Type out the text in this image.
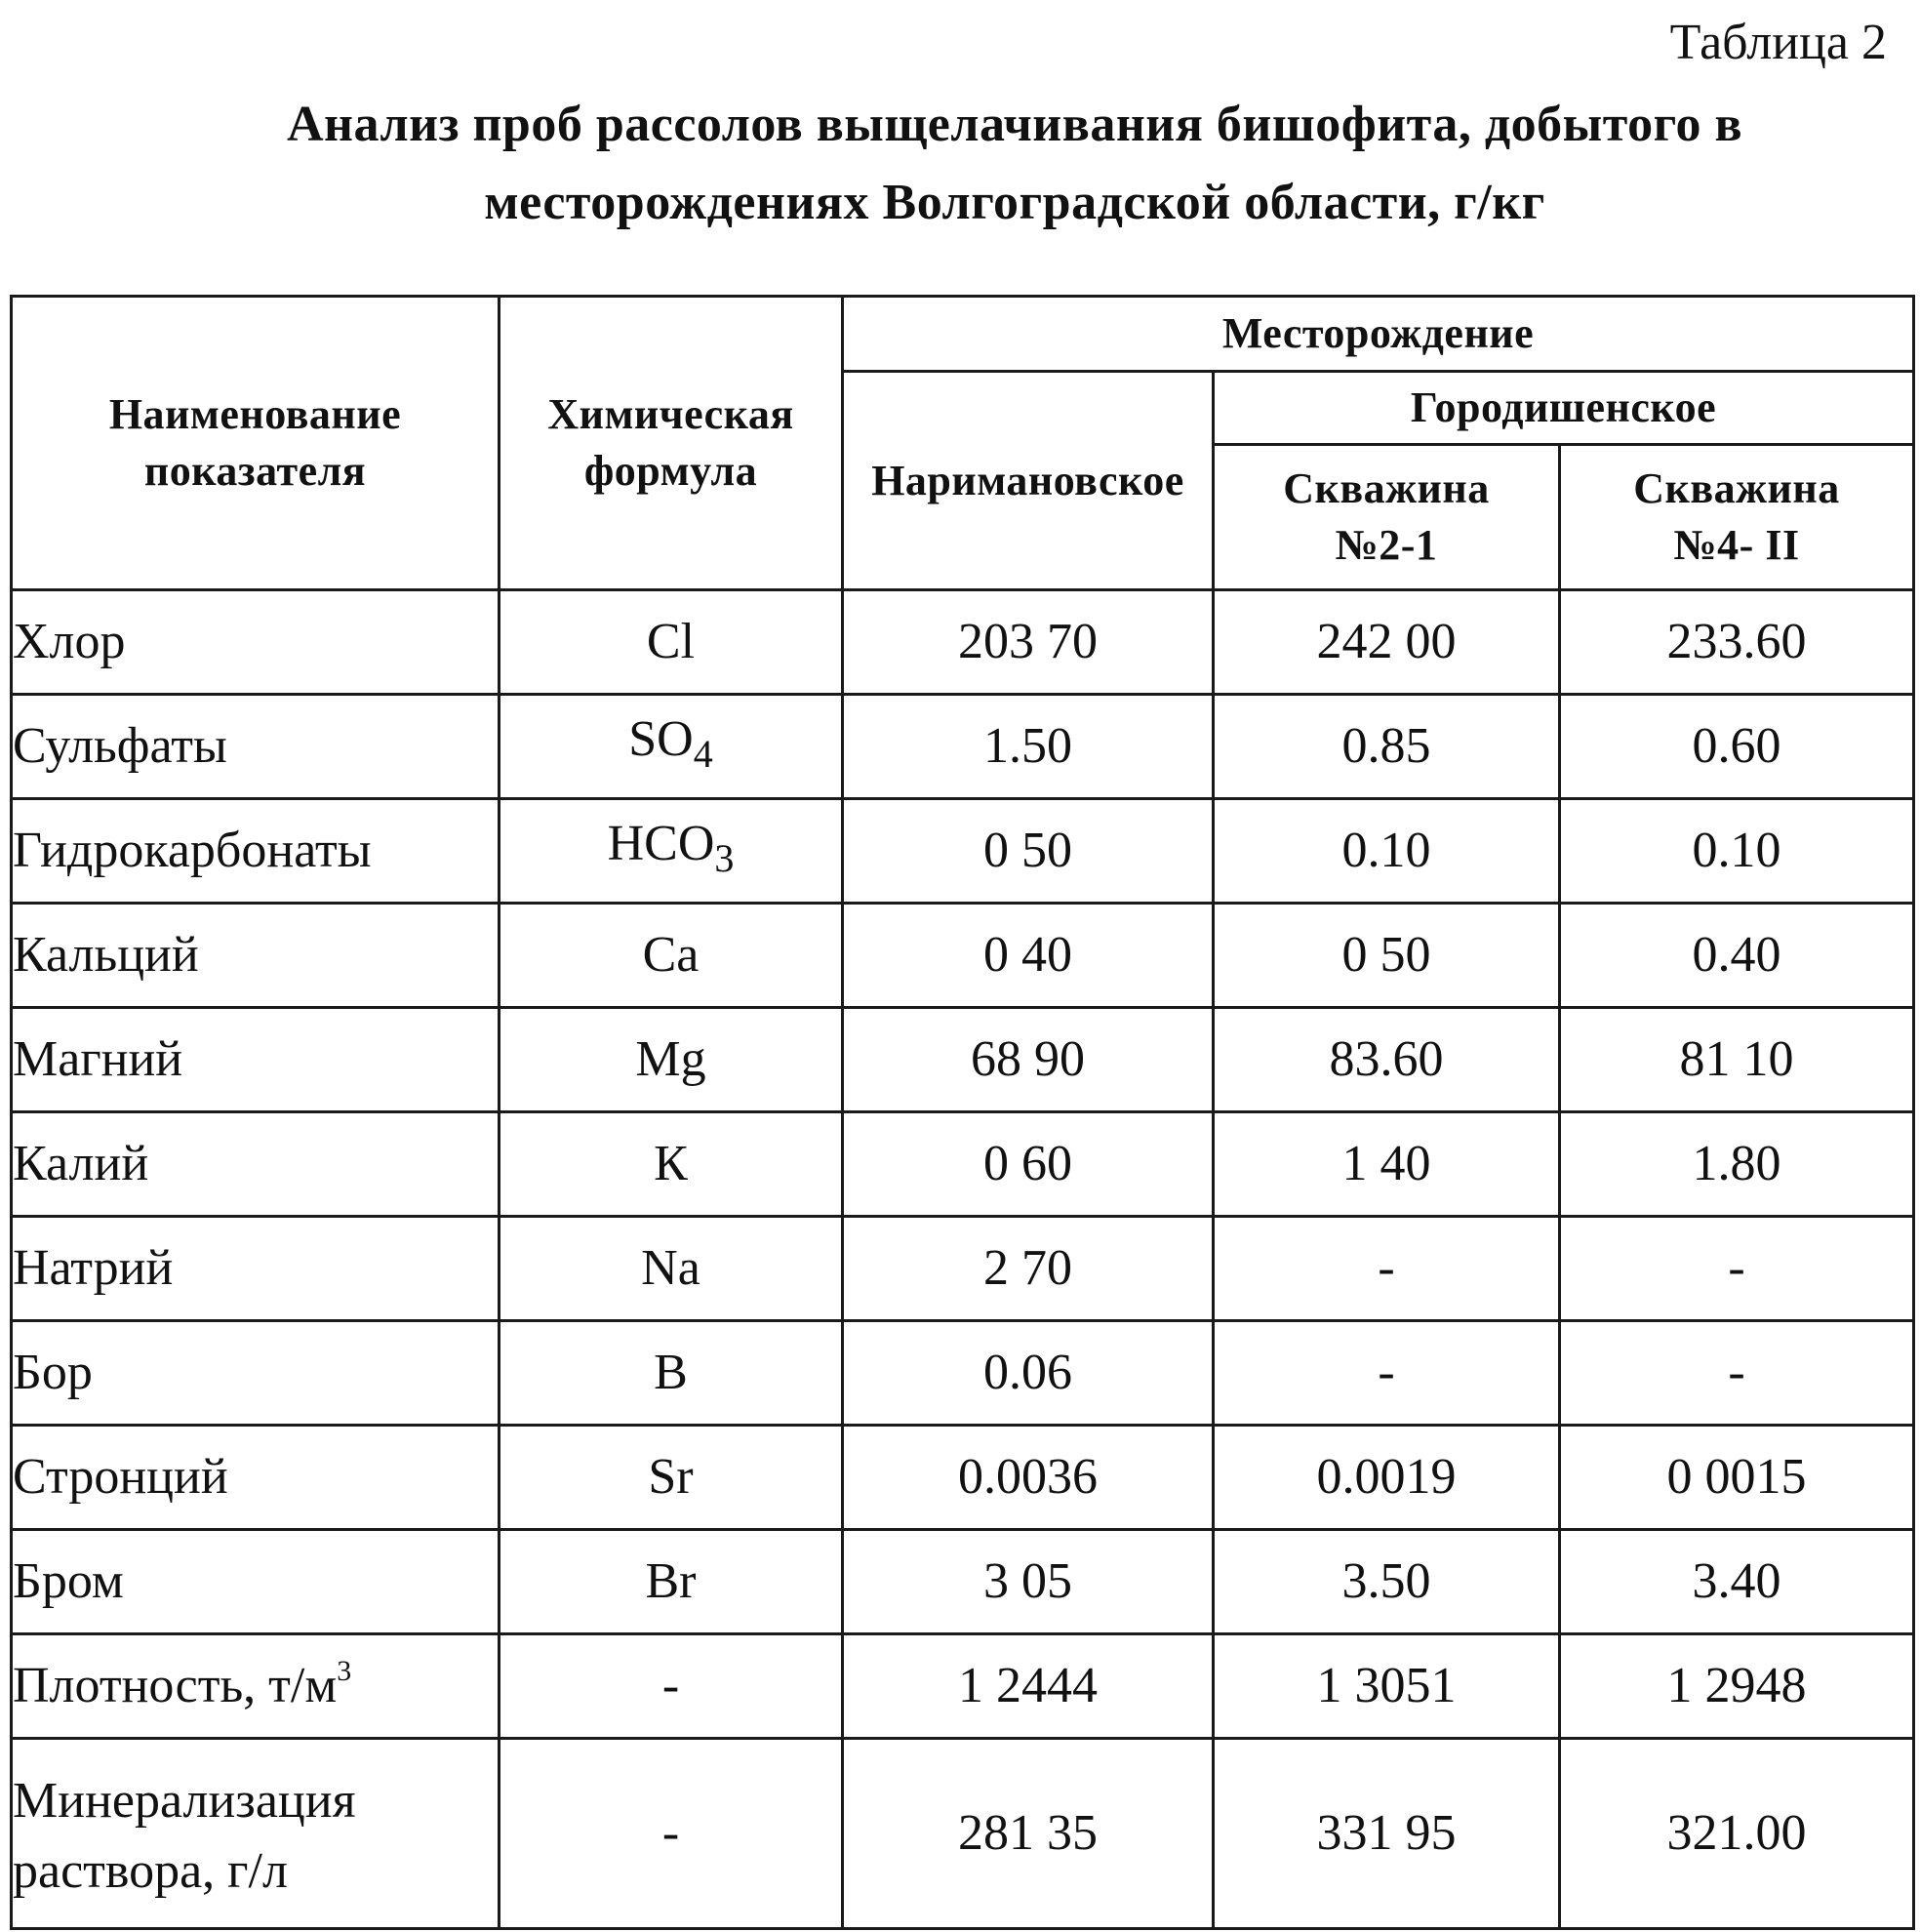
Таблица 2
Анализ проб рассолов выщелачивания бишофита, добытого в
месторождениях Волгоградской области, г/кг
Наименование показателя	Химическая формула	Месторождение
Наримановское	Городишенское
Скважина №2-1	Скважина №4- II
Хлор	Cl	203 70	242 00	233.60
Сульфаты	SO4	1.50	0.85	0.60
Гидрокарбонаты	HCO3	0 50	0.10	0.10
Кальций	Ca	0 40	0 50	0.40
Магний	Mg	68 90	83.60	81 10
Калий	К	0 60	1 40	1.80
Натрий	Na	2 70	-	-
Бор	B	0.06	-	-
Стронций	Sr	0.0036	0.0019	0 0015
Бром	Br	3 05	3.50	3.40
Плотность, т/м3	-	1 2444	1 3051	1 2948

Минерализация
раствора, г/л
	-	281 35	331 95	321.00
